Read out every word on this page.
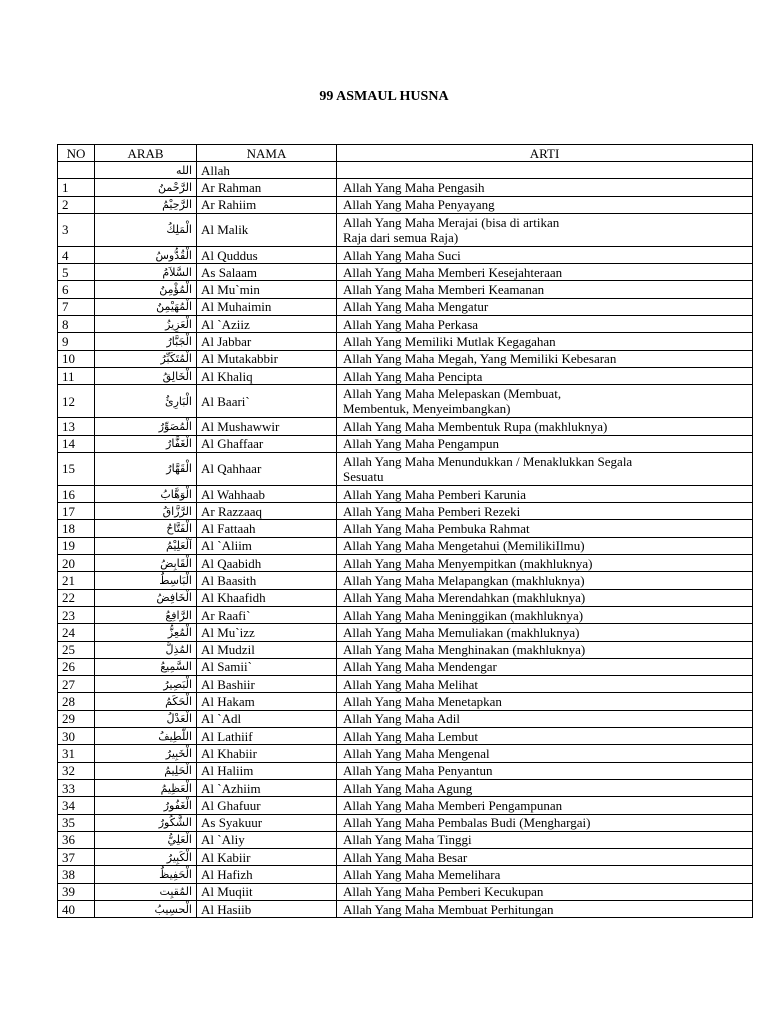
99 ASMAUL HUSNA
NO	ARAB	NAMA	ARTI
	الله	Allah	
1	الرَّحْمنُ	Ar Rahman	Allah Yang Maha Pengasih
2	الرَّحِيْمُ	Ar Rahiim	Allah Yang Maha Penyayang
3	الْمَلِكُ	Al Malik	Allah Yang Maha Merajai (bisa di artikan
Raja dari semua Raja)

4	الْقُدُّوسُ	Al Quddus	Allah Yang Maha Suci
5	السَّلاَمُ	As Salaam	Allah Yang Maha Memberi Kesejahteraan
6	الْمُؤْمِنُ	Al Mu`min	Allah Yang Maha Memberi Keamanan
7	الْمُهَيْمِنُ	Al Muhaimin	Allah Yang Maha Mengatur
8	الْعَزِيزُ	Al `Aziiz	Allah Yang Maha Perkasa
9	الْجَبَّارُ	Al Jabbar	Allah Yang Memiliki Mutlak Kegagahan
10	الْمُتَكَبِّرُ	Al Mutakabbir	Allah Yang Maha Megah, Yang Memiliki Kebesaran
11	الْخَالِقُ	Al Khaliq	Allah Yang Maha Pencipta
12	الْبَارِئُ	Al Baari`	Allah Yang Maha Melepaskan (Membuat,
Membentuk, Menyeimbangkan)

13	الْمُصَوِّرُ	Al Mushawwir	Allah Yang Maha Membentuk Rupa (makhluknya)
14	الْغَفَّارُ	Al Ghaffaar	Allah Yang Maha Pengampun
15	الْقَهَّارُ	Al Qahhaar	Allah Yang Maha Menundukkan / Menaklukkan Segala
Sesuatu

16	الْوَهَّابُ	Al Wahhaab	Allah Yang Maha Pemberi Karunia
17	الرَّزَّاقُ	Ar Razzaaq	Allah Yang Maha Pemberi Rezeki
18	الْفَتَّاحُ	Al Fattaah	Allah Yang Maha Pembuka Rahmat
19	اَلْعَلِيْمُ	Al `Aliim	Allah Yang Maha Mengetahui (MemilikiIlmu)
20	الْقَابِضُ	Al Qaabidh	Allah Yang Maha Menyempitkan (makhluknya)
21	الْبَاسِطُ	Al Baasith	Allah Yang Maha Melapangkan (makhluknya)
22	الْخَافِضُ	Al Khaafidh	Allah Yang Maha Merendahkan (makhluknya)
23	الرَّافِعُ	Ar Raafi`	Allah Yang Maha Meninggikan (makhluknya)
24	الْمُعِزُّ	Al Mu`izz	Allah Yang Maha Memuliakan (makhluknya)
25	المُذِلُّ	Al Mudzil	Allah Yang Maha Menghinakan (makhluknya)
26	السَّمِيعُ	Al Samii`	Allah Yang Maha Mendengar
27	الْبَصِيرُ	Al Bashiir	Allah Yang Maha Melihat
28	الْحَكَمُ	Al Hakam	Allah Yang Maha Menetapkan
29	الْعَدْلُ	Al `Adl	Allah Yang Maha Adil
30	اللَّطِيفُ	Al Lathiif	Allah Yang Maha Lembut
31	الْخَبِيرُ	Al Khabiir	Allah Yang Maha Mengenal
32	الْحَلِيمُ	Al Haliim	Allah Yang Maha Penyantun
33	الْعَظِيمُ	Al `Azhiim	Allah Yang Maha Agung
34	الْغَفُورُ	Al Ghafuur	Allah Yang Maha Memberi Pengampunan
35	الشَّكُورُ	As Syakuur	Allah Yang Maha Pembalas Budi (Menghargai)
36	الْعَلِيُّ	Al `Aliy	Allah Yang Maha Tinggi
37	الْكَبِيرُ	Al Kabiir	Allah Yang Maha Besar
38	الْحَفِيظُ	Al Hafizh	Allah Yang Maha Memelihara
39	المُقيِت	Al Muqiit	Allah Yang Maha Pemberi Kecukupan
40	الْحسِيبُ	Al Hasiib	Allah Yang Maha Membuat Perhitungan
